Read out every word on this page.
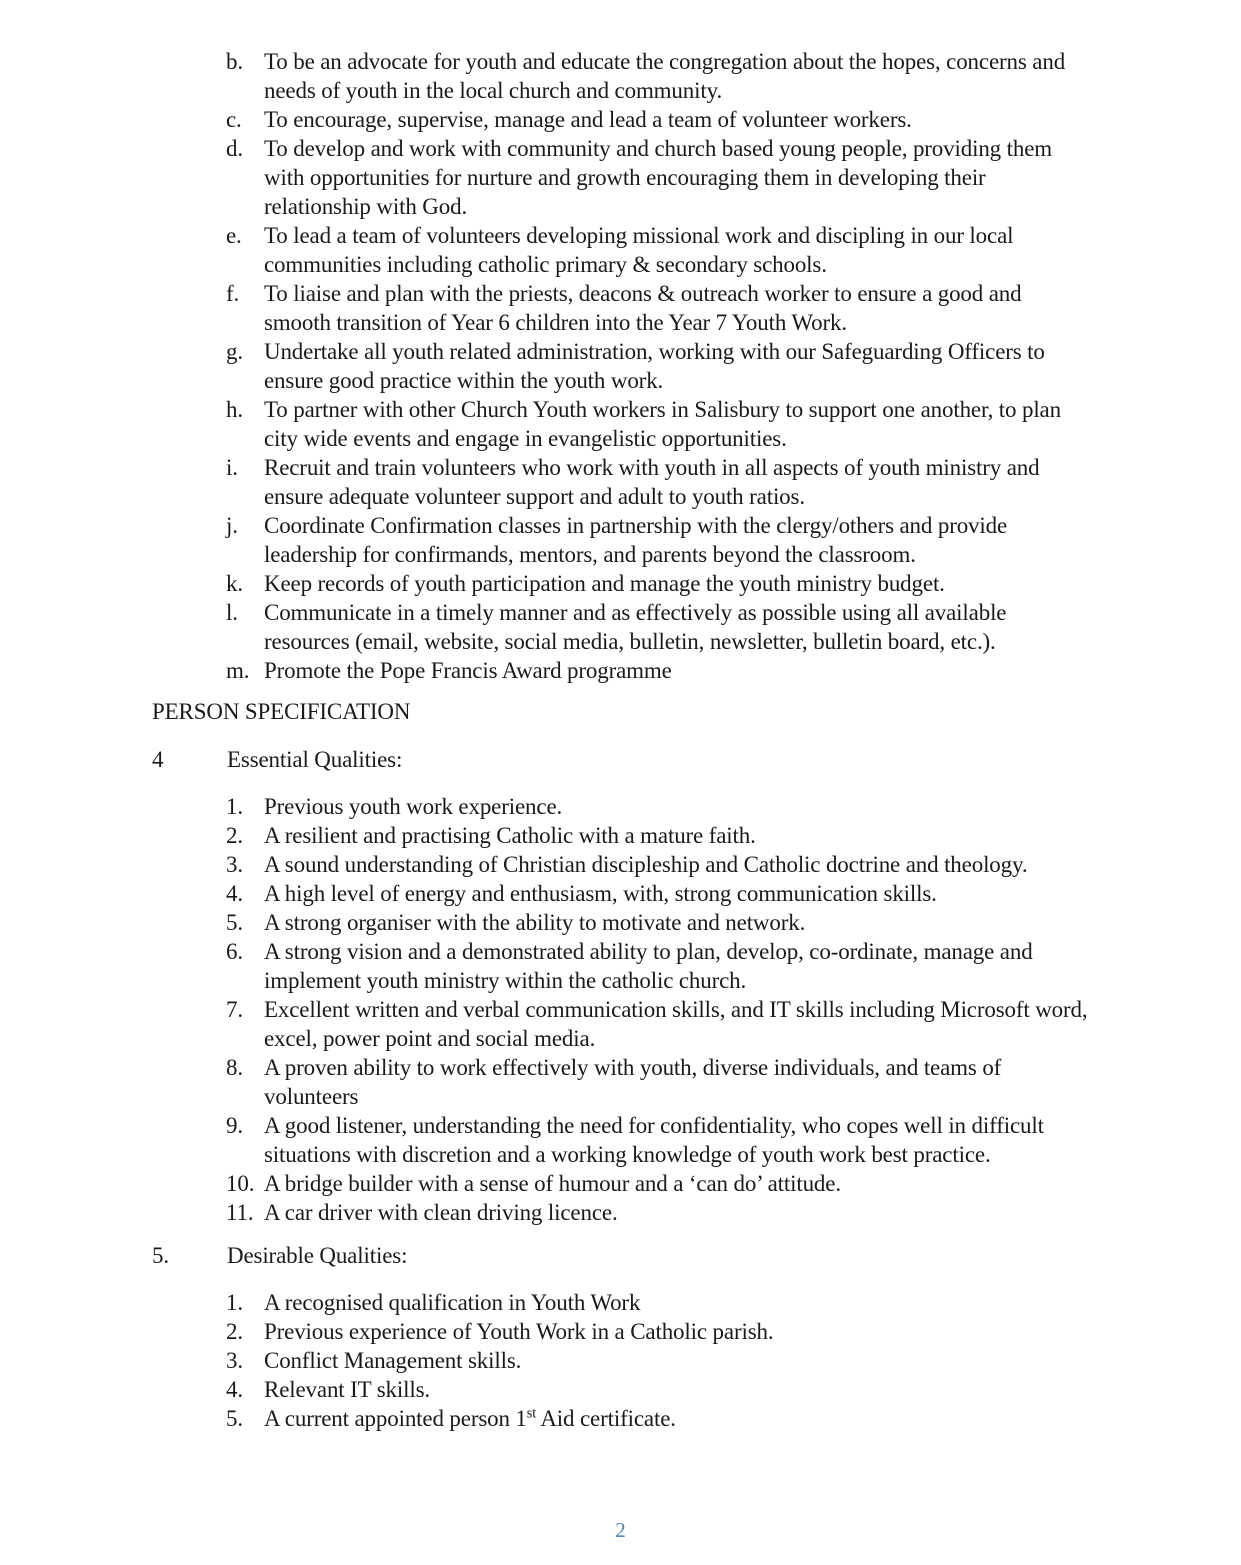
b. To be an advocate for youth and educate the congregation about the hopes, concerns and needs of youth in the local church and community.
c. To encourage, supervise, manage and lead a team of volunteer workers.
d. To develop and work with community and church based young people, providing them with opportunities for nurture and growth encouraging them in developing their relationship with God.
e. To lead a team of volunteers developing missional work and discipling in our local communities including catholic primary & secondary schools.
f.	To liaise and plan with the priests, deacons & outreach worker to ensure a good and smooth transition of Year 6 children into the Year 7 Youth Work.
g. Undertake all youth related administration, working with our Safeguarding Officers to ensure good practice within the youth work.
h. To partner with other Church Youth workers in Salisbury to support one another, to plan city wide events and engage in evangelistic opportunities.
i.	Recruit and train volunteers who work with youth in all aspects of youth ministry and ensure adequate volunteer support and adult to youth ratios.
j.	Coordinate Confirmation classes in partnership with the clergy/others and provide leadership for confirmands, mentors, and parents beyond the classroom.
k. Keep records of youth participation and manage the youth ministry budget.
l.	Communicate in a timely manner and as effectively as possible using all available resources (email, website, social media, bulletin, newsletter, bulletin board, etc.).
m. Promote the Pope Francis Award programme
PERSON SPECIFICATION
4	Essential Qualities:
1. Previous youth work experience.
2. A resilient and practising Catholic with a mature faith.
3. A sound understanding of Christian discipleship and Catholic doctrine and theology.
4. A high level of energy and enthusiasm, with, strong communication skills.
5. A strong organiser with the ability to motivate and network.
6. A strong vision and a demonstrated ability to plan, develop, co-ordinate, manage and implement youth ministry within the catholic church.
7. Excellent written and verbal communication skills, and IT skills including Microsoft word, excel, power point and social media.
8. A proven ability to work effectively with youth, diverse individuals, and teams of volunteers
9. A good listener, understanding the need for confidentiality, who copes well in difficult situations with discretion and a working knowledge of youth work best practice.
10. A bridge builder with a sense of humour and a ‘can do’ attitude.
11. A car driver with clean driving licence.
5.	Desirable Qualities:
1. A recognised qualification in Youth Work
2. Previous experience of Youth Work in a Catholic parish.
3. Conflict Management skills.
4. Relevant IT skills.
5. A current appointed person 1st Aid certificate.
2
